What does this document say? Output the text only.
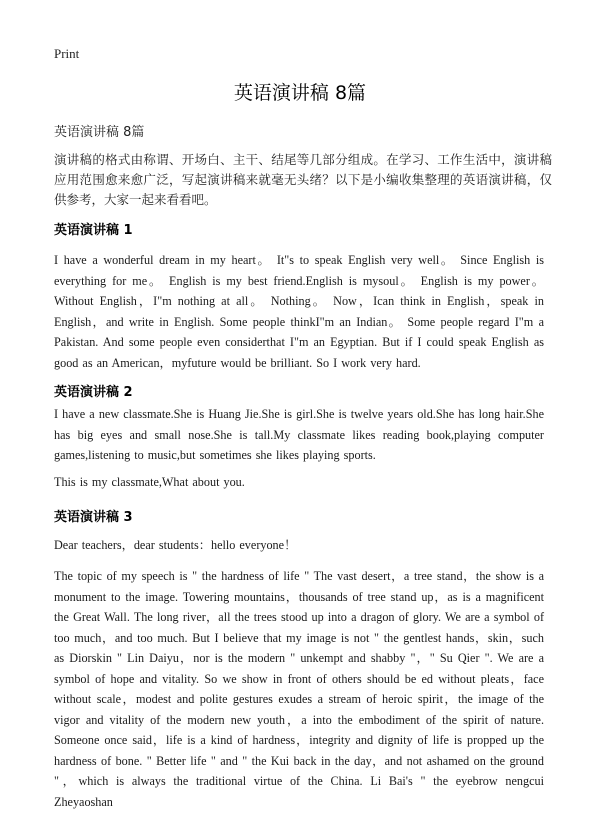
Print
英语演讲稿 8篇
英语演讲稿 8篇

演讲稿的格式由称谓、开场白、主干、结尾等几部分组成。在学习、工作生活中，演讲稿应用范围愈来愈广泛，写起演讲稿来就毫无头绪？以下是小编收集整理的英语演讲稿，仅供参考，大家一起来看看吧。

英语演讲稿 1

I have a wonderful dream in my heart。 It"s to speak English very well。 Since English is everything for me。 English is my best friend.English is mysoul。 English is my power。 Without English，I"m nothing at all。 Nothing。 Now，Ican think in English，speak in English，and write in English. Some people thinkI"m an Indian。 Some people regard I"m a Pakistan. And some people even considerthat I"m an Egyptian. But if I could speak English as good as an American，myfuture would be brilliant. So I work very hard.

英语演讲稿 2

I have a new classmate.She is Huang Jie.She is girl.She is twelve years old.She has long hair.She has big eyes and small nose.She is tall.My classmate likes reading book,playing computer games,listening to music,but sometimes she likes playing sports.

This is my classmate,What about you.

英语演讲稿 3

Dear teachers，dear students：hello everyone！

The topic of my speech is " the hardness of life " The vast desert，a tree stand，the show is a monument to the image. Towering mountains，thousands of tree stand up，as is a magnificent the Great Wall. The long river，all the trees stood up into a dragon of glory. We are a symbol of too much，and too much. But I believe that my image is not " the gentlest hands，skin，such as Diorskin " Lin Daiyu，nor is the modern " unkempt and shabby "，" Su Qier ". We are a symbol of hope and vitality. So we show in front of others should be ed without pleats，face without scale，modest and polite gestures exudes a stream of heroic spirit，the image of the vigor and vitality of the modern new youth，a into the embodiment of the spirit of nature. Someone once said，life is a kind of hardness，integrity and dignity of life is propped up the hardness of bone. " Better life " and " the Kui back in the day，and not ashamed on the ground "，which is always the traditional virtue of the China. Li Bai's " the eyebrow nengcui Zheyaoshan
